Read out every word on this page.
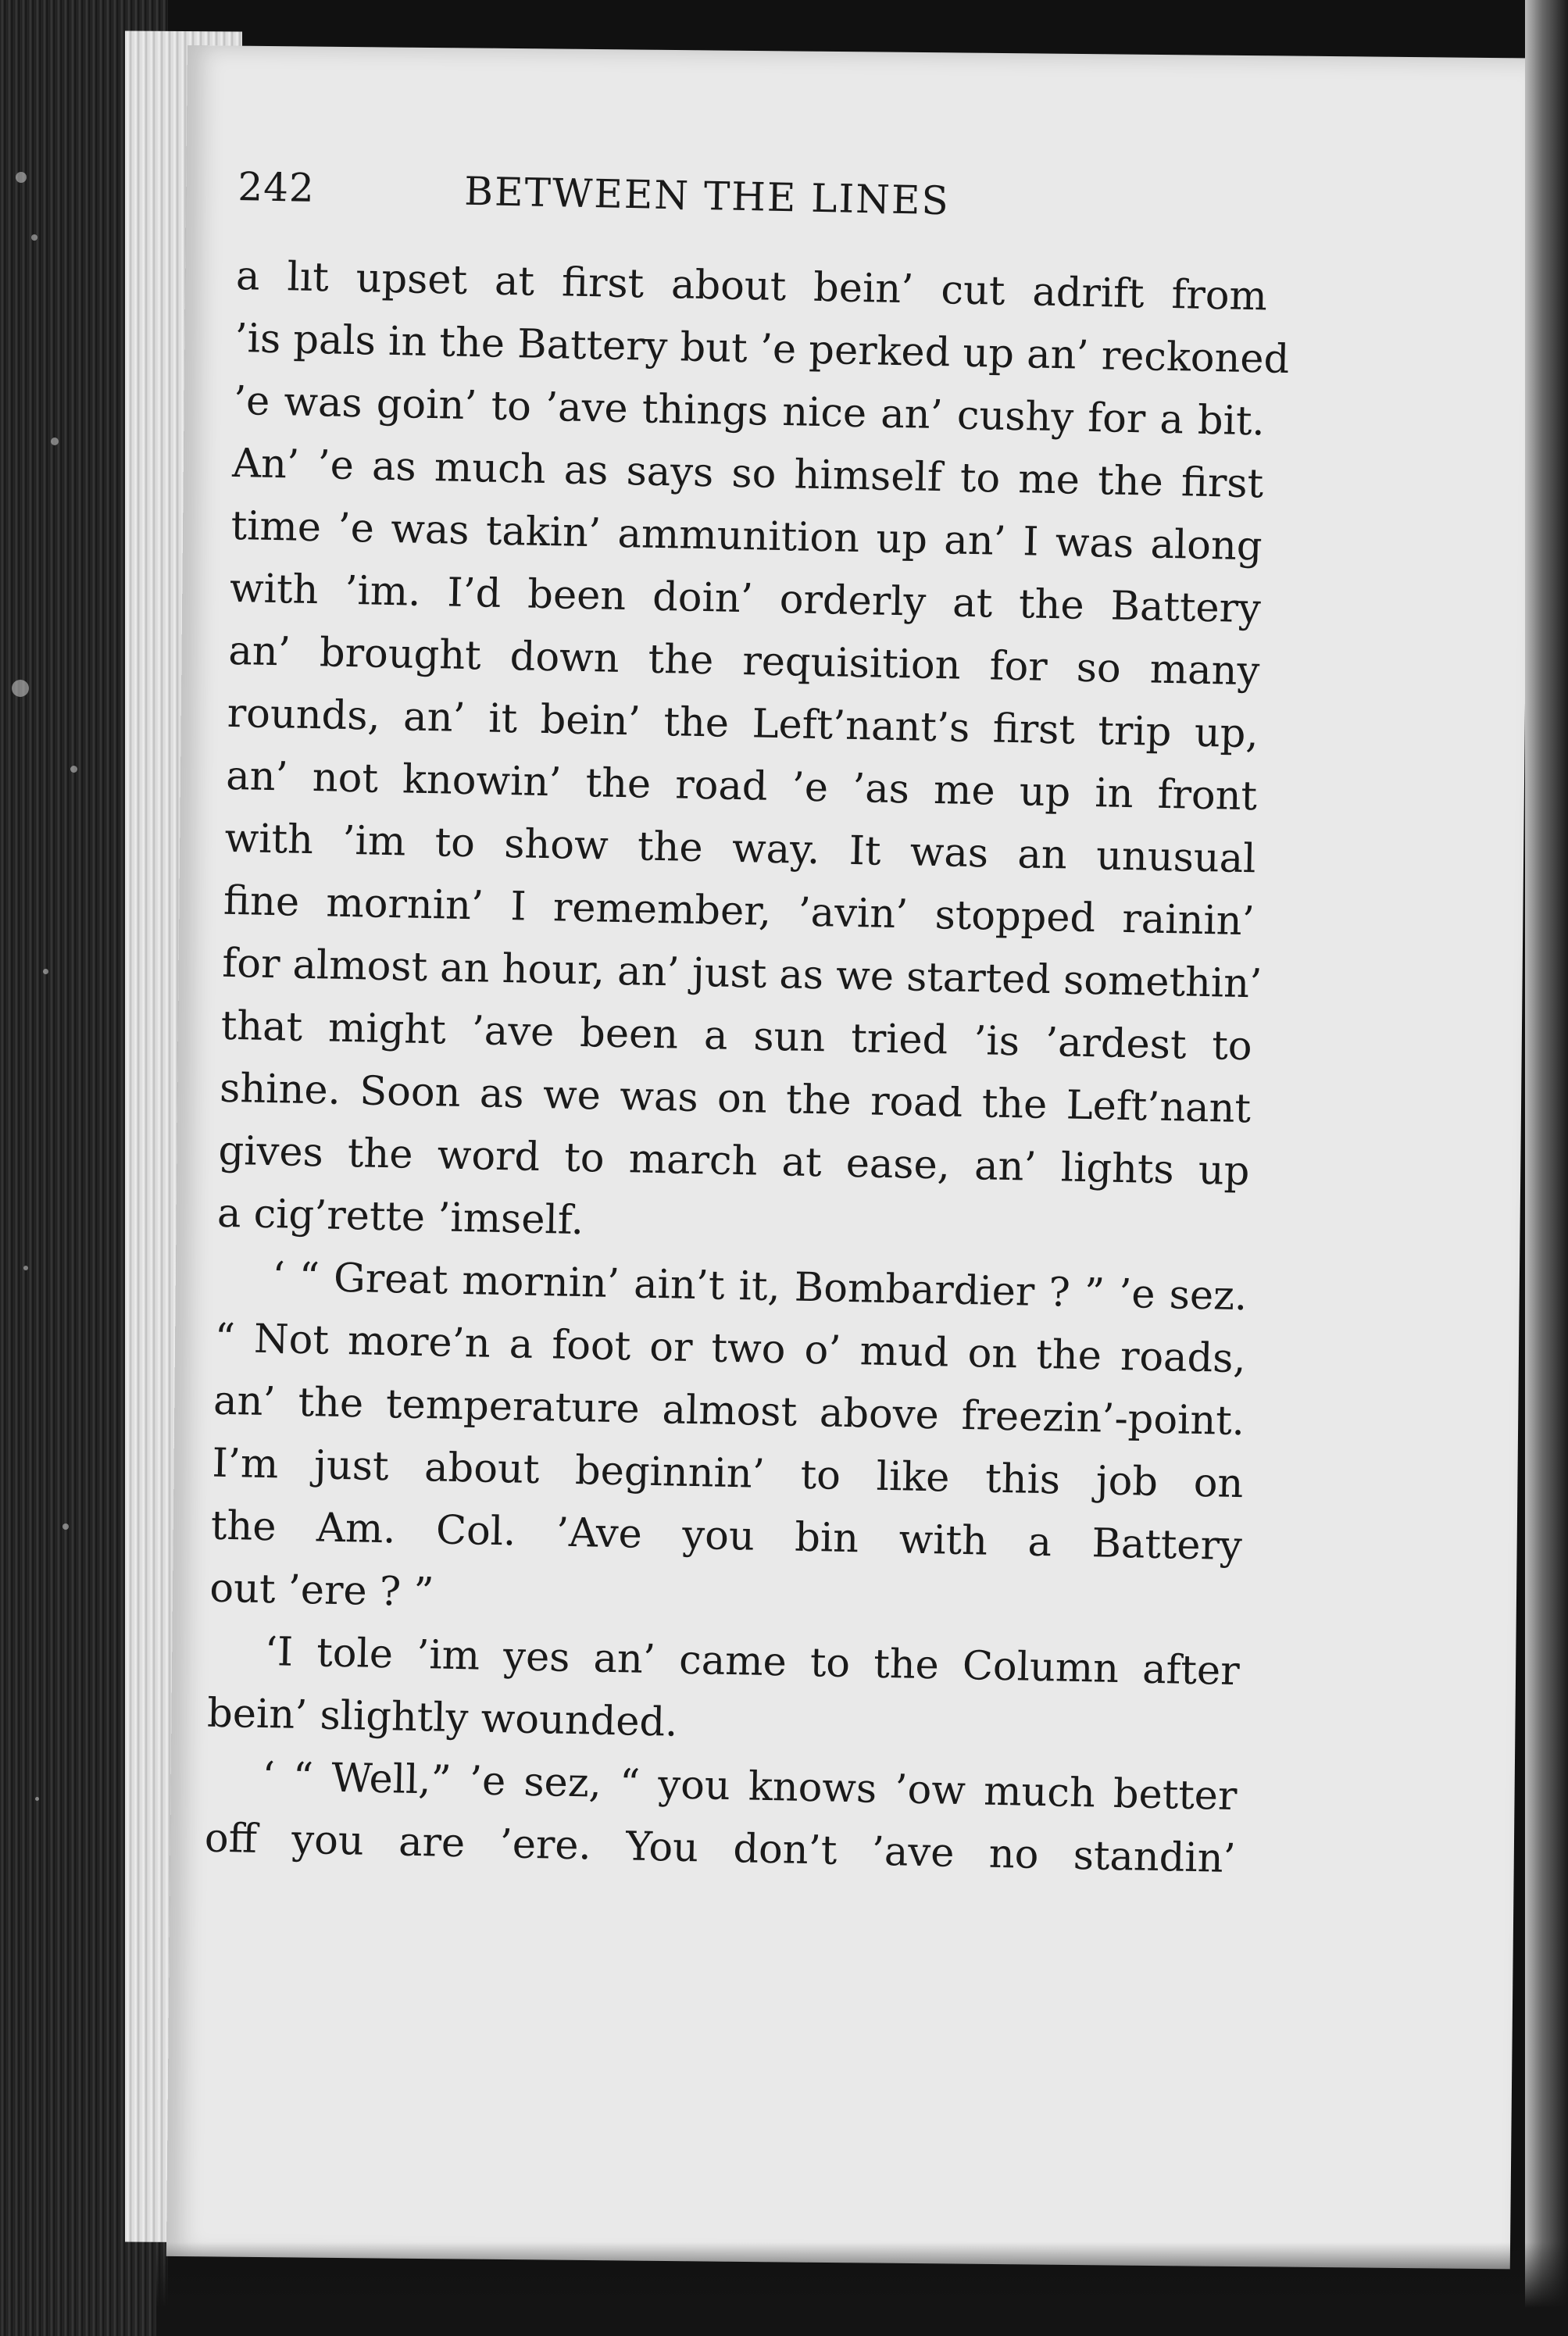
242	BETWEEN THE LINES
a lıt upset at first about bein’ cut adrift from
’is pals in the Battery but ’e perked up an’ reckoned
’e was goin’ to ’ave things nice an’ cushy for a bit.
An’ ’e as much as says so himself to me the first
time ’e was takin’ ammunition up an’ I was along
with ’im. I’d been doin’ orderly at the Battery
an’ brought down the requisition for so many
rounds, an’ it bein’ the Left’nant’s first trip up,
an’ not knowin’ the road ’e ’as me up in front
with ’im to show the way. It was an unusual
fine mornin’ I remember, ’avin’ stopped rainin’
for almost an hour, an’ just as we started somethin’
that might ’ave been a sun tried ’is ’ardest to
shine. Soon as we was on the road the Left’nant
gives the word to march at ease, an’ lights up
a cig’rette ’imself.
‘ “ Great mornin’ ain’t it, Bombardier ? ” ’e sez.
“ Not more’n a foot or two o’ mud on the roads,
an’ the temperature almost above freezin’-point.
I’m just about beginnin’ to like this job on
the Am. Col. ’Ave you bin with a Battery
out ’ere ? ”
‘I tole ’im yes an’ came to the Column after
bein’ slightly wounded.
‘ “ Well,” ’e sez, “ you knows ’ow much better
off you are ’ere. You don’t ’ave no standin’
